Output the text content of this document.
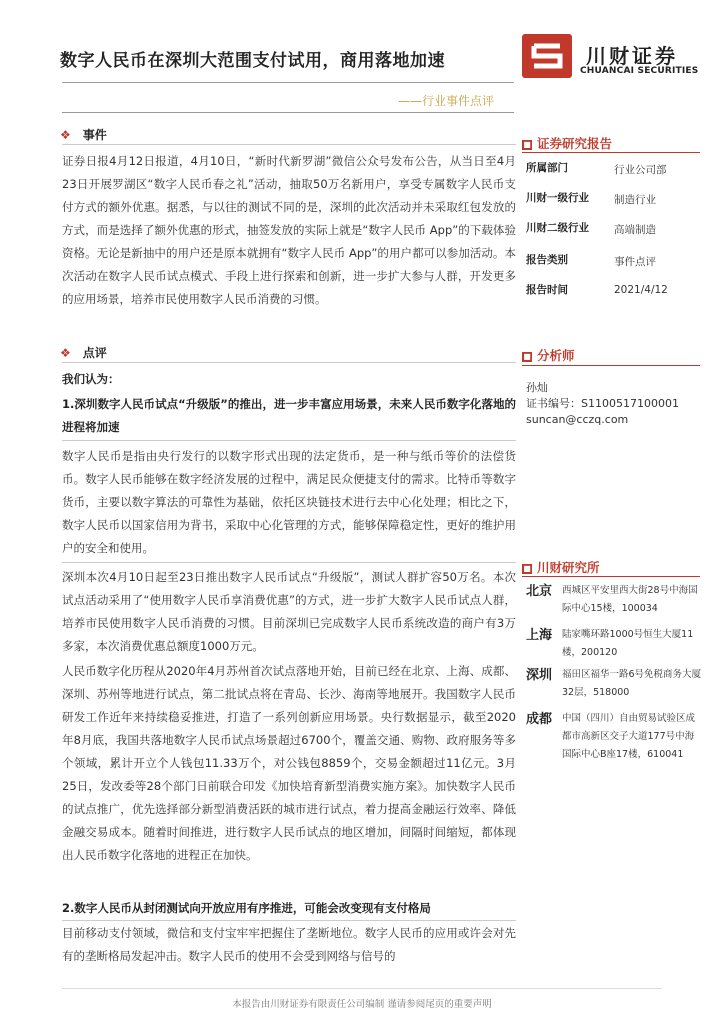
数字人民币在深圳大范围支付试用，商用落地加速
——行业事件点评
川财证券
CHUANCAI SECURITIES
❖ 事件
证券日报4月12日报道，4月10日，“新时代新罗湖”微信公众号发布公告，从当日至4月23日开展罗湖区“数字人民币春之礼”活动，抽取50万名新用户，享受专属数字人民币支付方式的额外优惠。据悉，与以往的测试不同的是，深圳的此次活动并未采取红包发放的方式，而是选择了额外优惠的形式，抽签发放的实际上就是“数字人民币 App”的下载体验资格。无论是新抽中的用户还是原本就拥有“数字人民币 App”的用户都可以参加活动。本次活动在数字人民币试点模式、手段上进行探索和创新，进一步扩大参与人群，开发更多的应用场景，培养市民使用数字人民币消费的习惯。
❖ 点评
我们认为：
1.深圳数字人民币试点“升级版”的推出，进一步丰富应用场景，未来人民币数字化落地的进程将加速
数字人民币是指由央行发行的以数字形式出现的法定货币，是一种与纸币等价的法偿货币。数字人民币能够在数字经济发展的过程中，满足民众便捷支付的需求。比特币等数字货币，主要以数字算法的可靠性为基础，依托区块链技术进行去中心化处理；相比之下，数字人民币以国家信用为背书，采取中心化管理的方式，能够保障稳定性，更好的维护用户的安全和使用。
深圳本次4月10日起至23日推出数字人民币试点“升级版”，测试人群扩容50万名。本次试点活动采用了“使用数字人民币享消费优惠”的方式，进一步扩大数字人民币试点人群，培养市民使用数字人民币消费的习惯。目前深圳已完成数字人民币系统改造的商户有3万多家，本次消费优惠总额度1000万元。
人民币数字化历程从2020年4月苏州首次试点落地开始，目前已经在北京、上海、成都、深圳、苏州等地进行试点，第二批试点将在青岛、长沙、海南等地展开。我国数字人民币研发工作近年来持续稳妥推进，打造了一系列创新应用场景。央行数据显示，截至2020年8月底，我国共落地数字人民币试点场景超过6700个，覆盖交通、购物、政府服务等多个领域，累计开立个人钱包11.33万个，对公钱包8859个，交易金额超过11亿元。3月25日，发改委等28个部门日前联合印发《加快培育新型消费实施方案》。加快数字人民币的试点推广，优先选择部分新型消费活跃的城市进行试点，着力提高金融运行效率、降低金融交易成本。随着时间推进，进行数字人民币试点的地区增加，间隔时间缩短，都体现出人民币数字化落地的进程正在加快。
2.数字人民币从封闭测试向开放应用有序推进，可能会改变现有支付格局
目前移动支付领域，微信和支付宝牢牢把握住了垄断地位。数字人民币的应用或许会对先有的垄断格局发起冲击。数字人民币的使用不会受到网络与信号的
■ 证券研究报告
所属部门	行业公司部
川财一级行业 制造行业
川财二级行业 高端制造
报告类别	事件点评
报告时间	2021/4/12
■ 分析师
孙灿
证书编号：S1100517100001
suncan@cczq.com
■ 川财研究所
北京 西城区平安里西大街28号中海国际中心15楼，100034
上海 陆家嘴环路1000号恒生大厦11楼，200120
深圳 福田区福华一路6号免税商务大厦32层，518000
成都 中国（四川）自由贸易试验区成都市高新区交子大道177号中海国际中心B座17楼，610041
本报告由川财证券有限责任公司编制 谨请参阅尾页的重要声明
